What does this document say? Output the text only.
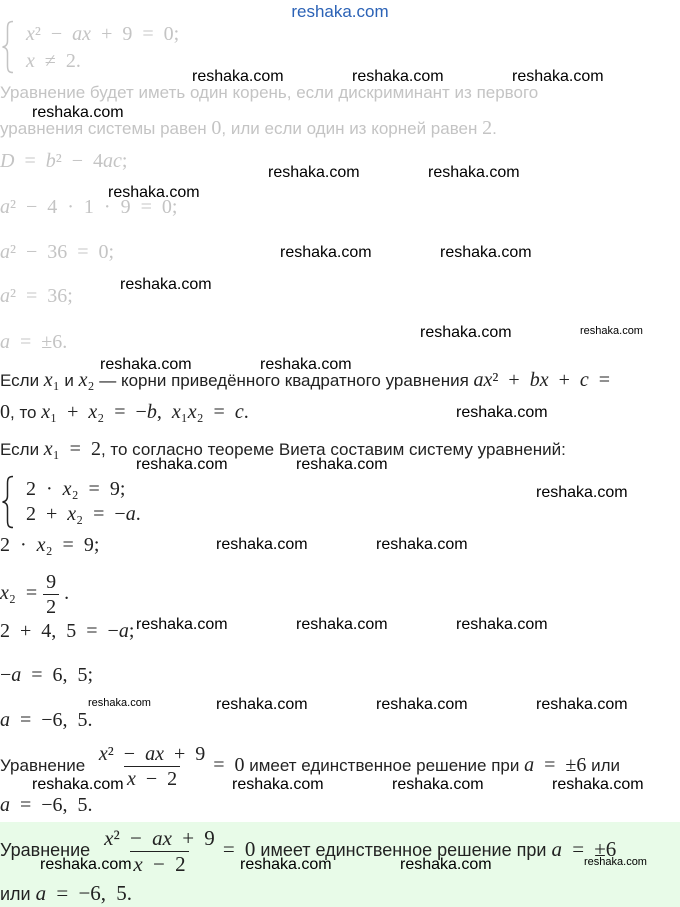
reshaka.com
x² − ax + 9 = 0;
x ≠ 2.
Уравнение будет иметь один корень, если дискриминант из первого
уравнения системы равен 0, или если один из корней равен 2.
D = b² − 4ac;
a² − 4 · 1 · 9 = 0;
a² − 36 = 0;
a² = 36;
a = ±6.
Если x₁ и x₂ — корни приведённого квадратного уравнения ax² + bx + c =
0, то x₁ + x₂ = −b, x₁x₂ = c.
Если x₁ = 2, то согласно теореме Виета составим систему уравнений:
2 · x₂ = 9;
2 + x₂ = −a.
2 · x₂ = 9;
$x_2 = \frac{9}{2}$ .
2 + 4, 5 = −a;
−a = 6, 5;
a = −6, 5.
Уравнение $\frac{\text{x² − ax + 9}}{x - 2} = 0$ имеет единственное решение при a = ±6 или
a = −6, 5.
Уравнение $\frac{\text{x² − ax + 9}}{x - 2} = 0$ имеет единственное решение при a = ±6
или a = −6, 5.
reshaka.com	reshaka.com	reshaka.com
reshaka.com
reshaka.com	reshaka.com
reshaka.com
reshaka.com	reshaka.com
reshaka.com
reshaka.com	reshaka.com
reshaka.com	reshaka.com
reshaka.com
reshaka.com	reshaka.com
reshaka.com
reshaka.com	reshaka.com
reshaka.com	reshaka.com	reshaka.com
reshaka.com	reshaka.com	reshaka.com	reshaka.com
reshaka.com	reshaka.com	reshaka.com	reshaka.com
reshaka.com	reshaka.com	reshaka.com	reshaka.com
